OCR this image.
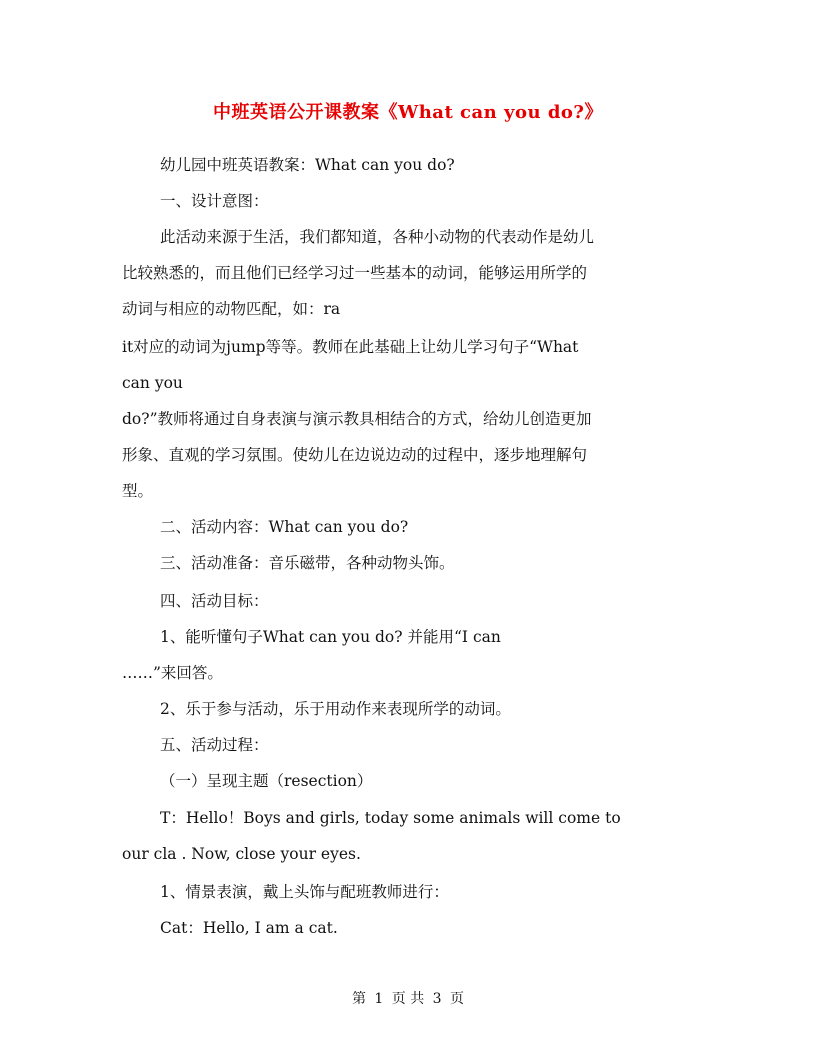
中班英语公开课教案《What can you do?》
幼儿园中班英语教案：What can you do?
一、设计意图：
此活动来源于生活，我们都知道，各种小动物的代表动作是幼儿
比较熟悉的，而且他们已经学习过一些基本的动词，能够运用所学的
动词与相应的动物匹配，如：ra
it对应的动词为jump等等。教师在此基础上让幼儿学习句子“What
can you
do?”教师将通过自身表演与演示教具相结合的方式，给幼儿创造更加
形象、直观的学习氛围。使幼儿在边说边动的过程中，逐步地理解句
型。
二、活动内容：What can you do?
三、活动准备：音乐磁带，各种动物头饰。
四、活动目标：
1、能听懂句子What can you do? 并能用“I can
……”来回答。
2、乐于参与活动，乐于用动作来表现所学的动词。
五、活动过程：
（一）呈现主题（resection）
T：Hello！Boys and girls, today some animals will come to
our cla . Now, close your eyes.
1、情景表演，戴上头饰与配班教师进行：
Cat：Hello, I am a cat.
第 1 页 共 3 页
